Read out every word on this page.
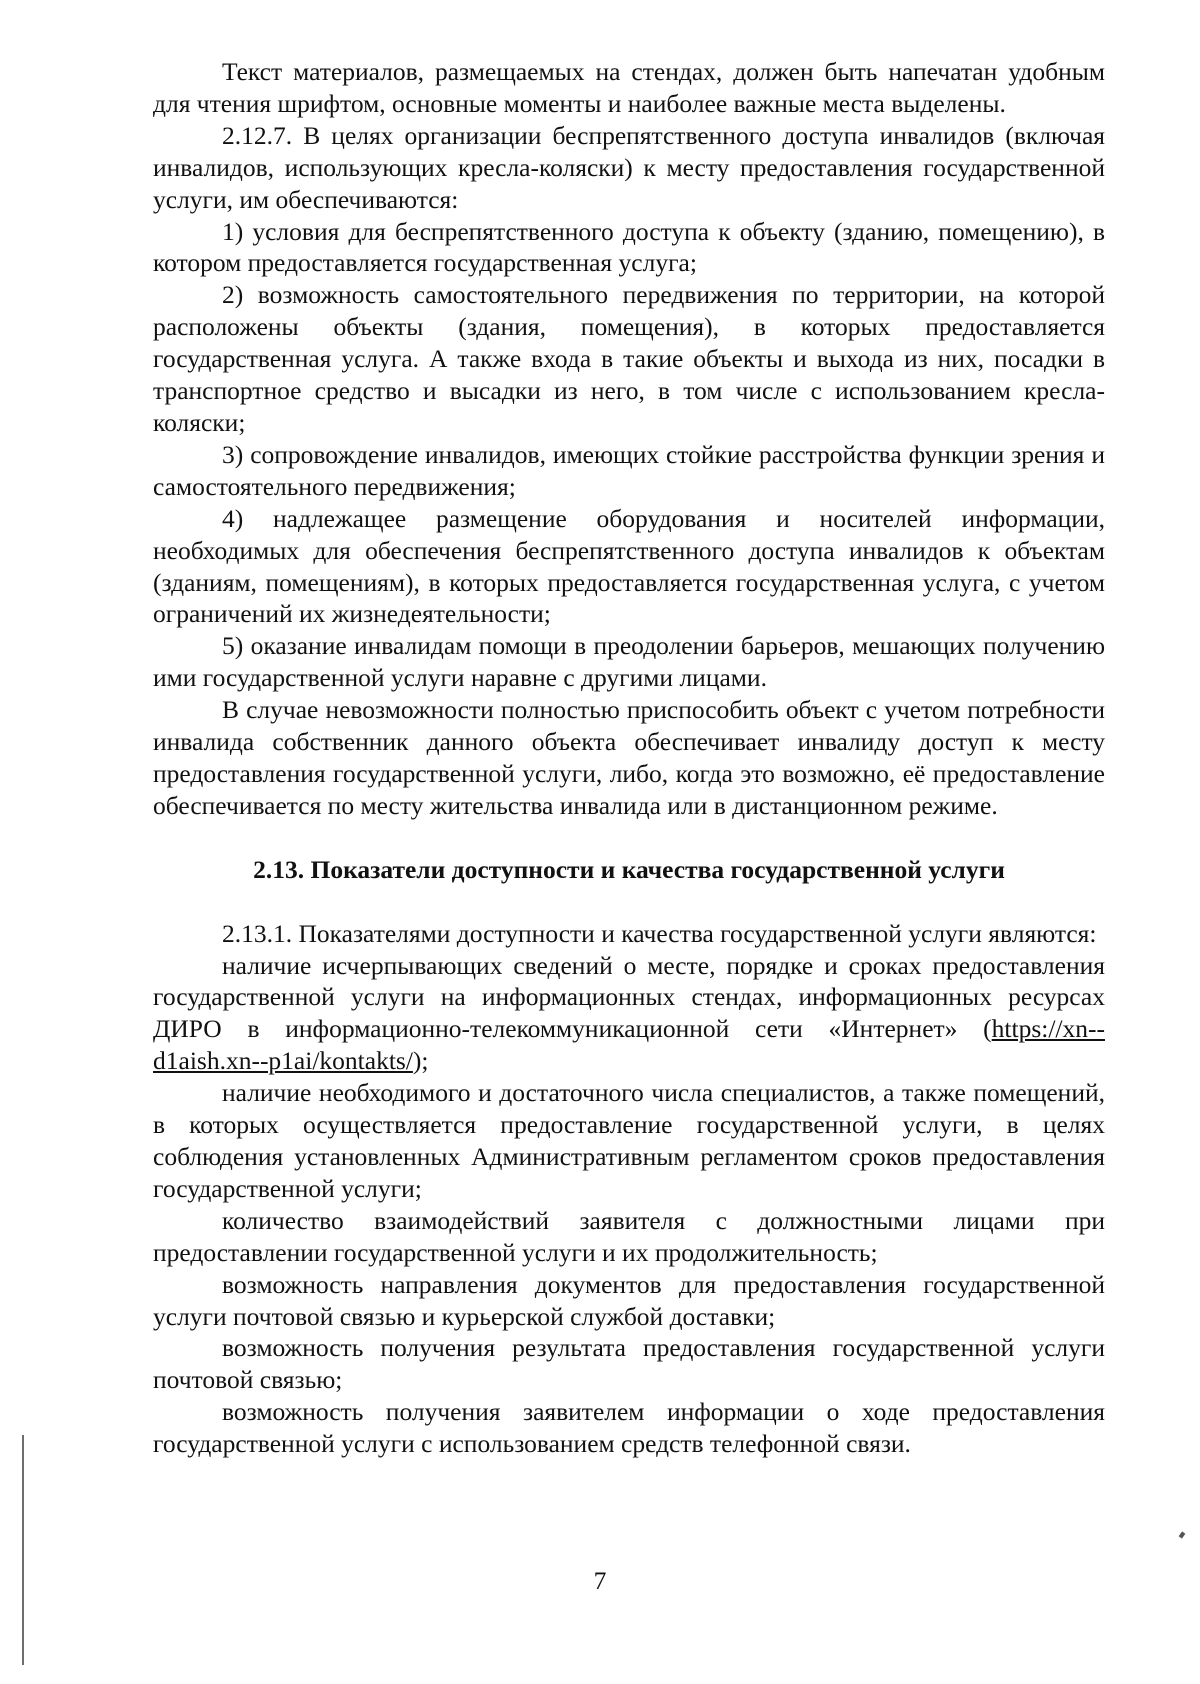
Текст материалов, размещаемых на стендах, должен быть напечатан удобным для чтения шрифтом, основные моменты и наиболее важные места выделены.

2.12.7. В целях организации беспрепятственного доступа инвалидов (включая инвалидов, использующих кресла-коляски) к месту предоставления государственной услуги, им обеспечиваются:

1) условия для беспрепятственного доступа к объекту (зданию, помещению), в котором предоставляется государственная услуга;

2) возможность самостоятельного передвижения по территории, на которой расположены объекты (здания, помещения), в которых предоставляется государственная услуга. А также входа в такие объекты и выхода из них, посадки в транспортное средство и высадки из него, в том числе с использованием кресла-коляски;

3) сопровождение инвалидов, имеющих стойкие расстройства функции зрения и самостоятельного передвижения;

4) надлежащее размещение оборудования и носителей информации, необходимых для обеспечения беспрепятственного доступа инвалидов к объектам (зданиям, помещениям), в которых предоставляется государственная услуга, с учетом ограничений их жизнедеятельности;

5) оказание инвалидам помощи в преодолении барьеров, мешающих получению ими государственной услуги наравне с другими лицами.

В случае невозможности полностью приспособить объект с учетом потребности инвалида собственник данного объекта обеспечивает инвалиду доступ к месту предоставления государственной услуги, либо, когда это возможно, её предоставление обеспечивается по месту жительства инвалида или в дистанционном режиме.

2.13. Показатели доступности и качества государственной услуги

2.13.1. Показателями доступности и качества государственной услуги являются:

наличие исчерпывающих сведений о месте, порядке и сроках предоставления государственной услуги на информационных стендах, информационных ресурсах ДИРО в информационно-телекоммуникационной сети «Интернет» (https://xn--d1aish.xn--p1ai/kontakts/);

наличие необходимого и достаточного числа специалистов, а также помещений, в которых осуществляется предоставление государственной услуги, в целях соблюдения установленных Административным регламентом сроков предоставления государственной услуги;

количество взаимодействий заявителя с должностными лицами при предоставлении государственной услуги и их продолжительность;

возможность направления документов для предоставления государственной услуги почтовой связью и курьерской службой доставки;

возможность получения результата предоставления государственной услуги почтовой связью;

возможность получения заявителем информации о ходе предоставления государственной услуги с использованием средств телефонной связи.

7
